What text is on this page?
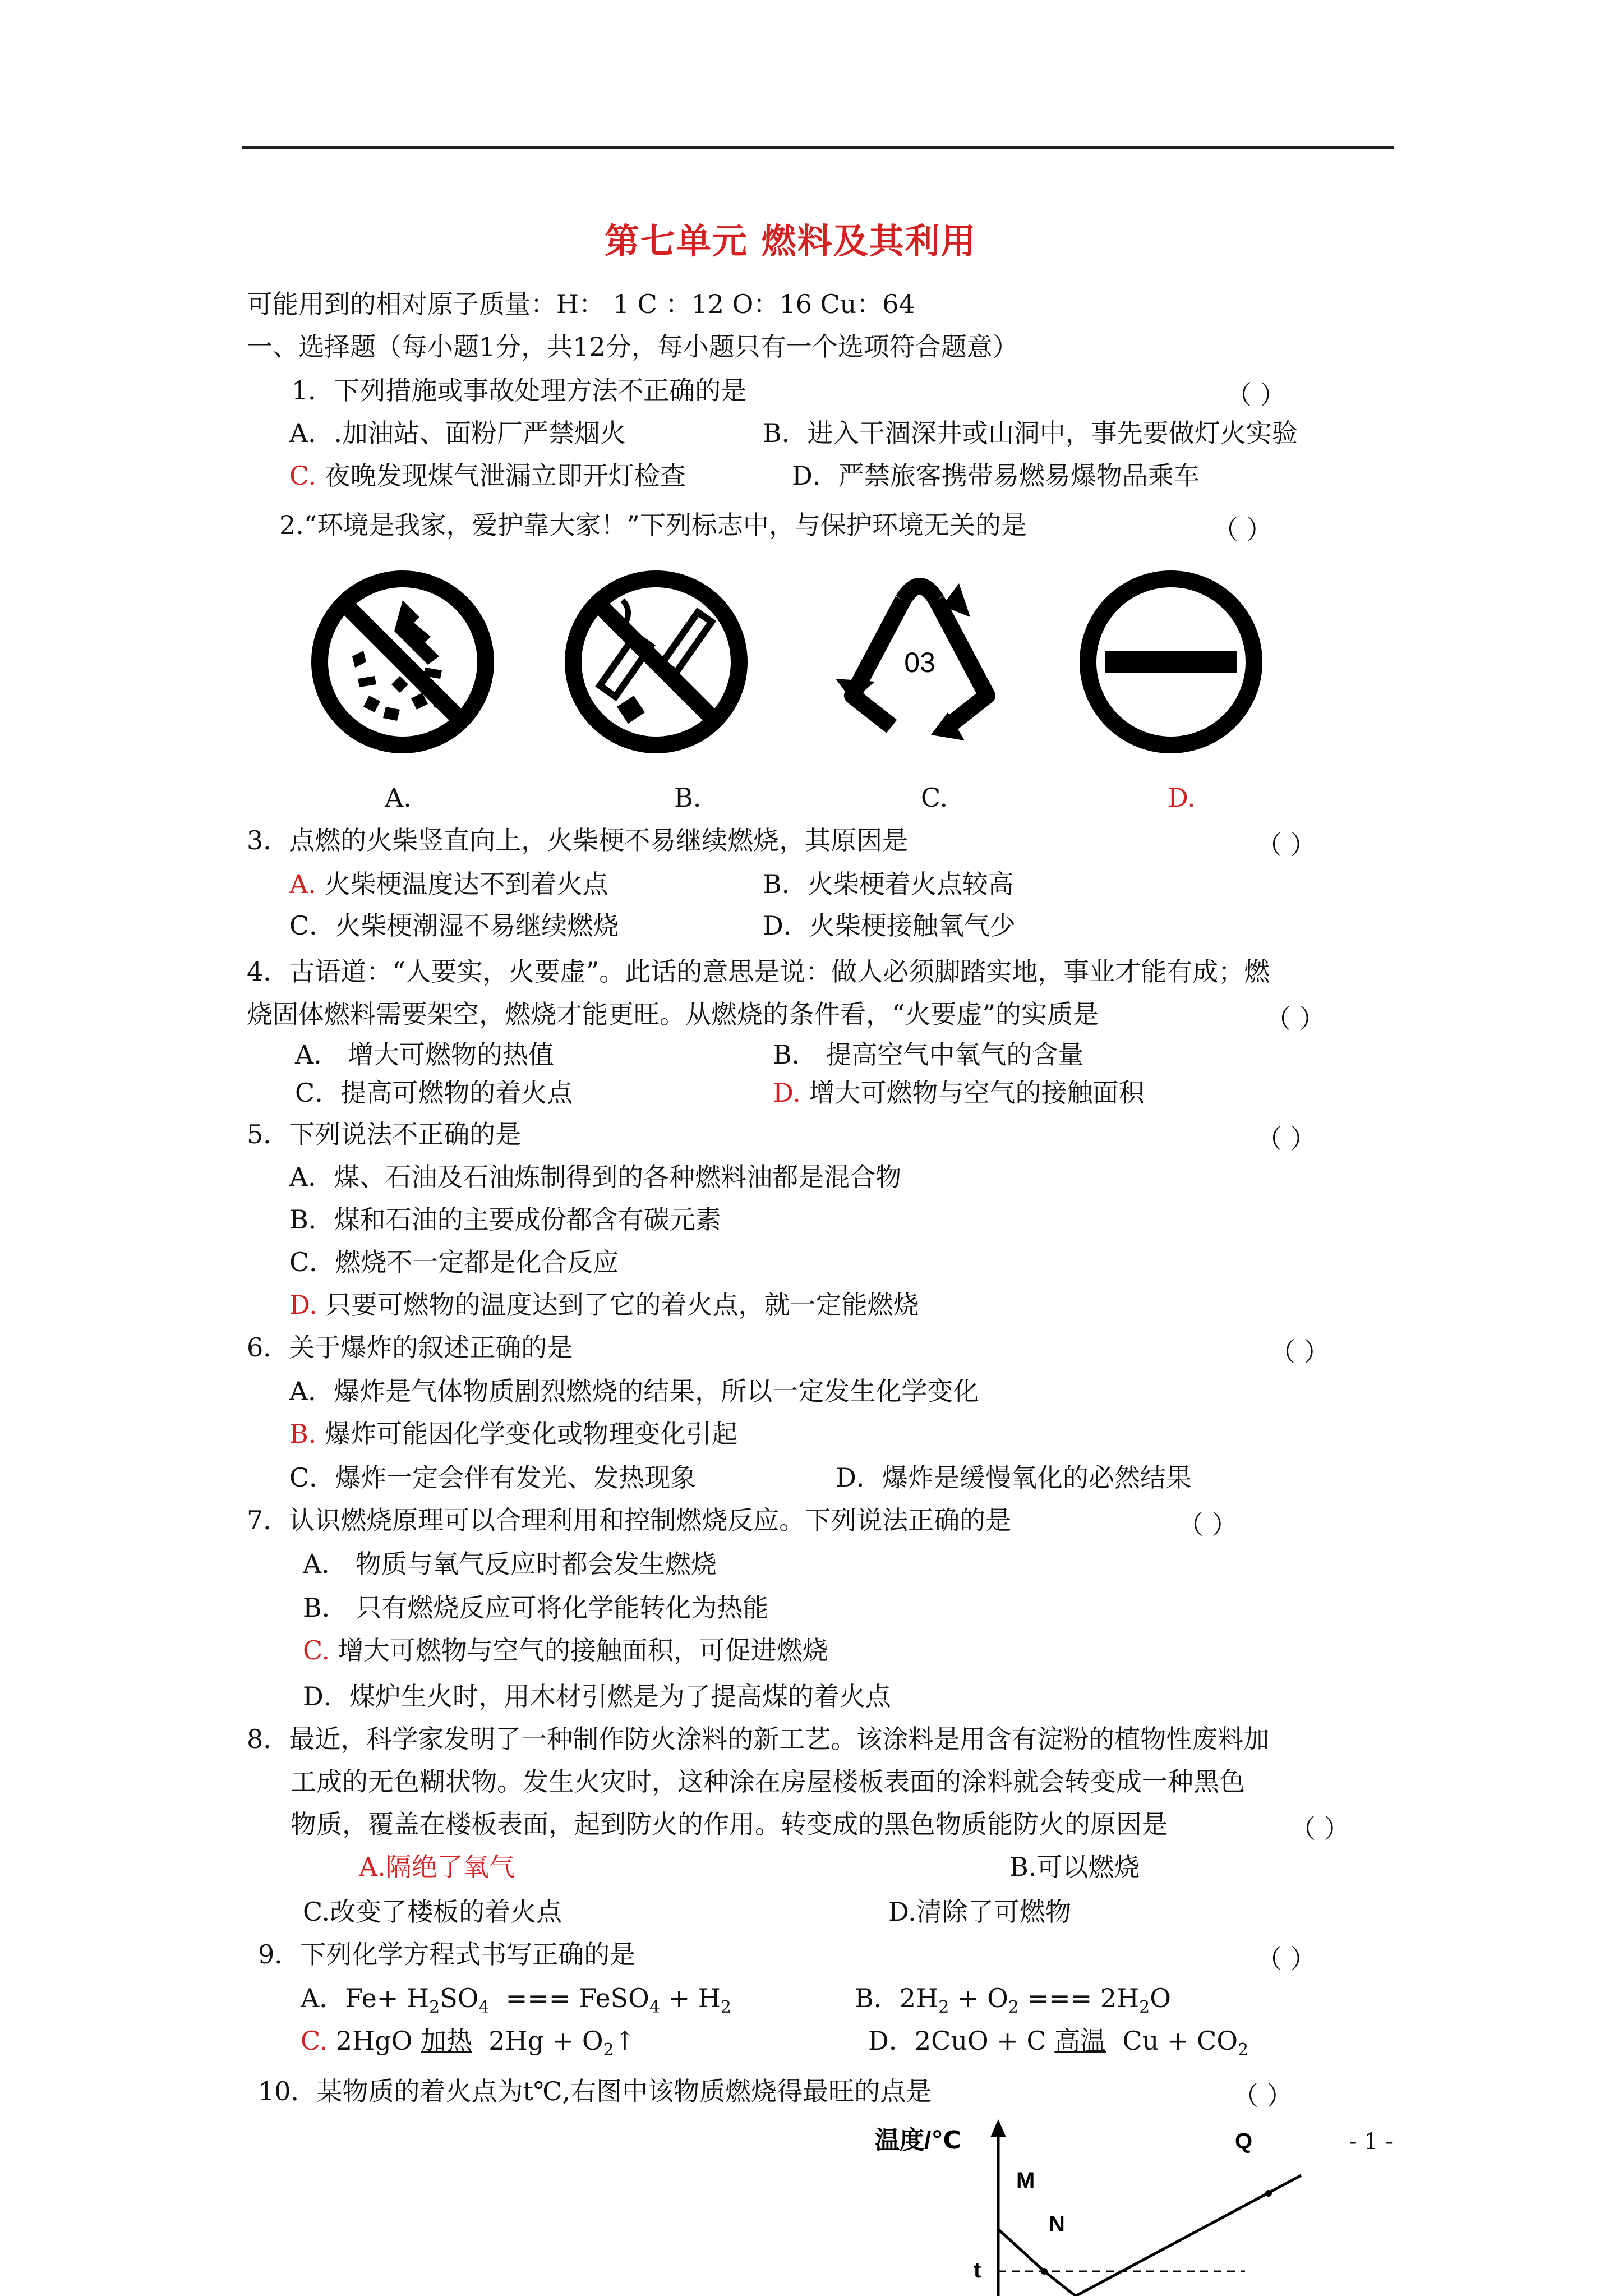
第七单元 燃料及其利用
可能用到的相对原子质量：H： 1 C ：12 O：16 Cu：64
一、选择题（每小题1分，共12分，每小题只有一个选项符合题意）
1．下列措施或事故处理方法不正确的是	（ ）
A．.加油站、面粉厂严禁烟火	B．进入干涸深井或山洞中，事先要做灯火实验
C. 夜晚发现煤气泄漏立即开灯检查	D．严禁旅客携带易燃易爆物品乘车
2.“环境是我家，爱护靠大家！”下列标志中，与保护环境无关的是	（ ）
03
A.	B.	C.	D.
3．点燃的火柴竖直向上，火柴梗不易继续燃烧，其原因是	（ ）
A. 火柴梗温度达不到着火点	B．火柴梗着火点较高
C．火柴梗潮湿不易继续燃烧	D．火柴梗接触氧气少
4．古语道：“人要实，火要虚”。此话的意思是说：做人必须脚踏实地，事业才能有成；燃
烧固体燃料需要架空，燃烧才能更旺。从燃烧的条件看，“火要虚”的实质是	（ ）
A． 增大可燃物的热值	B． 提高空气中氧气的含量
C．提高可燃物的着火点	D. 增大可燃物与空气的接触面积
5．下列说法不正确的是	（ ）
A．煤、石油及石油炼制得到的各种燃料油都是混合物
B．煤和石油的主要成份都含有碳元素
C．燃烧不一定都是化合反应
D. 只要可燃物的温度达到了它的着火点，就一定能燃烧
6．关于爆炸的叙述正确的是	（ ）
A．爆炸是气体物质剧烈燃烧的结果，所以一定发生化学变化
B. 爆炸可能因化学变化或物理变化引起
C．爆炸一定会伴有发光、发热现象	D．爆炸是缓慢氧化的必然结果
7．认识燃烧原理可以合理利用和控制燃烧反应。下列说法正确的是	（ ）
A． 物质与氧气反应时都会发生燃烧
B． 只有燃烧反应可将化学能转化为热能
C. 增大可燃物与空气的接触面积，可促进燃烧
D．煤炉生火时，用木材引燃是为了提高煤的着火点
8．最近，科学家发明了一种制作防火涂料的新工艺。该涂料是用含有淀粉的植物性废料加
工成的无色糊状物。发生火灾时，这种涂在房屋楼板表面的涂料就会转变成一种黑色
物质，覆盖在楼板表面，起到防火的作用。转变成的黑色物质能防火的原因是	（ ）
A.隔绝了氧气	B.可以燃烧
C.改变了楼板的着火点	D.清除了可燃物
9．下列化学方程式书写正确的是	（ ）
A．$Fe+ H_2SO_4$  === FeSO$_4$ + $H_2$	B．$2H_2 + O_2$ === $2H_2O$
C. 2HgO 加热  $2Hg + O_2↑$	D．2CuO + C 高温  $Cu + CO_2$
10．某物质的着火点为t℃,右图中该物质燃烧得最旺的点是	（ ）
温度/℃
M
N
Q
t
- 1 -
